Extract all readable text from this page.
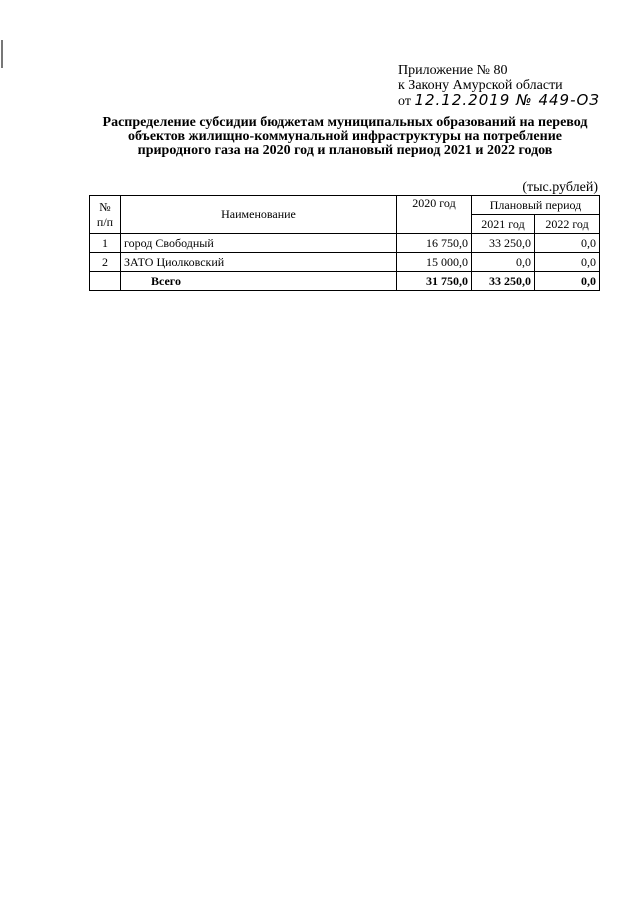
Приложение № 80
к Закону Амурской области
от 12.12.2019 № 449-ОЗ
Распределение субсидии бюджетам муниципальных образований на перевод объектов жилищно-коммунальной инфраструктуры на потребление природного газа на 2020 год и плановый период 2021 и 2022 годов
(тыс.рублей)
№ п/п	Наименование	2020 год	Плановый период	
			2021 год	2022 год
1	город Свободный	16 750,0	33 250,0	0,0
2	ЗАТО Циолковский	15 000,0	0,0	0,0
	Всего	31 750,0	33 250,0	0,0
